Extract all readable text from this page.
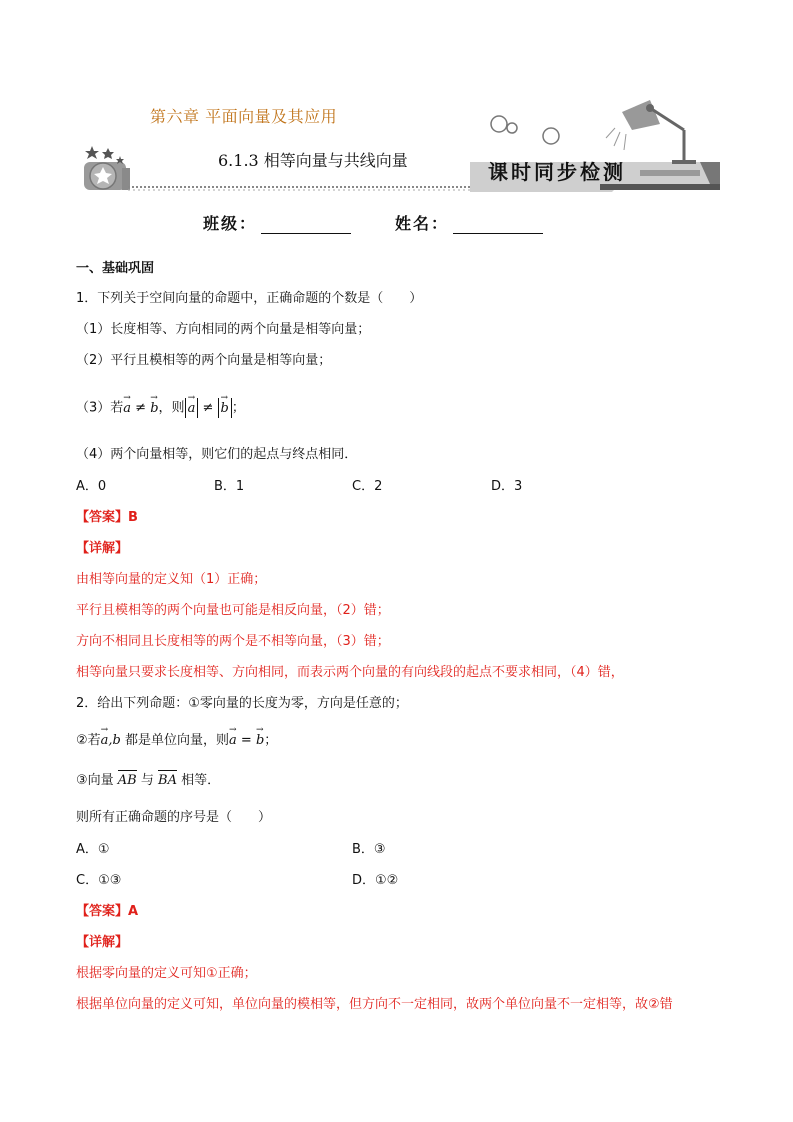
第六章 平面向量及其应用
6.1.3 相等向量与共线向量	课时同步检测
班级：	姓名：
一、基础巩固
1．下列关于空间向量的命题中，正确命题的个数是（　　）
（1）长度相等、方向相同的两个向量是相等向量；
（2）平行且模相等的两个向量是相等向量；
（3）若→ a ≠ → b，则→ a ≠ → b ；
（4）两个向量相等，则它们的起点与终点相同．
A．0	B．1	C．2	D．3
【答案】B
【详解】
由相等向量的定义知（1）正确；
平行且模相等的两个向量也可能是相反向量，（2）错；
方向不相同且长度相等的两个是不相等向量，（3）错；
相等向量只要求长度相等、方向相同，而表示两个向量的有向线段的起点不要求相同，（4）错，
2．给出下列命题：①零向量的长度为零，方向是任意的；
②若→ a,b 都是单位向量，则→ a = → b；
③向量 AB 与 BA 相等．
则所有正确命题的序号是（　　）
A．①	B．③
C．①③	D．①②
【答案】A
【详解】
根据零向量的定义可知①正确；
根据单位向量的定义可知，单位向量的模相等，但方向不一定相同，故两个单位向量不一定相等，故②错
